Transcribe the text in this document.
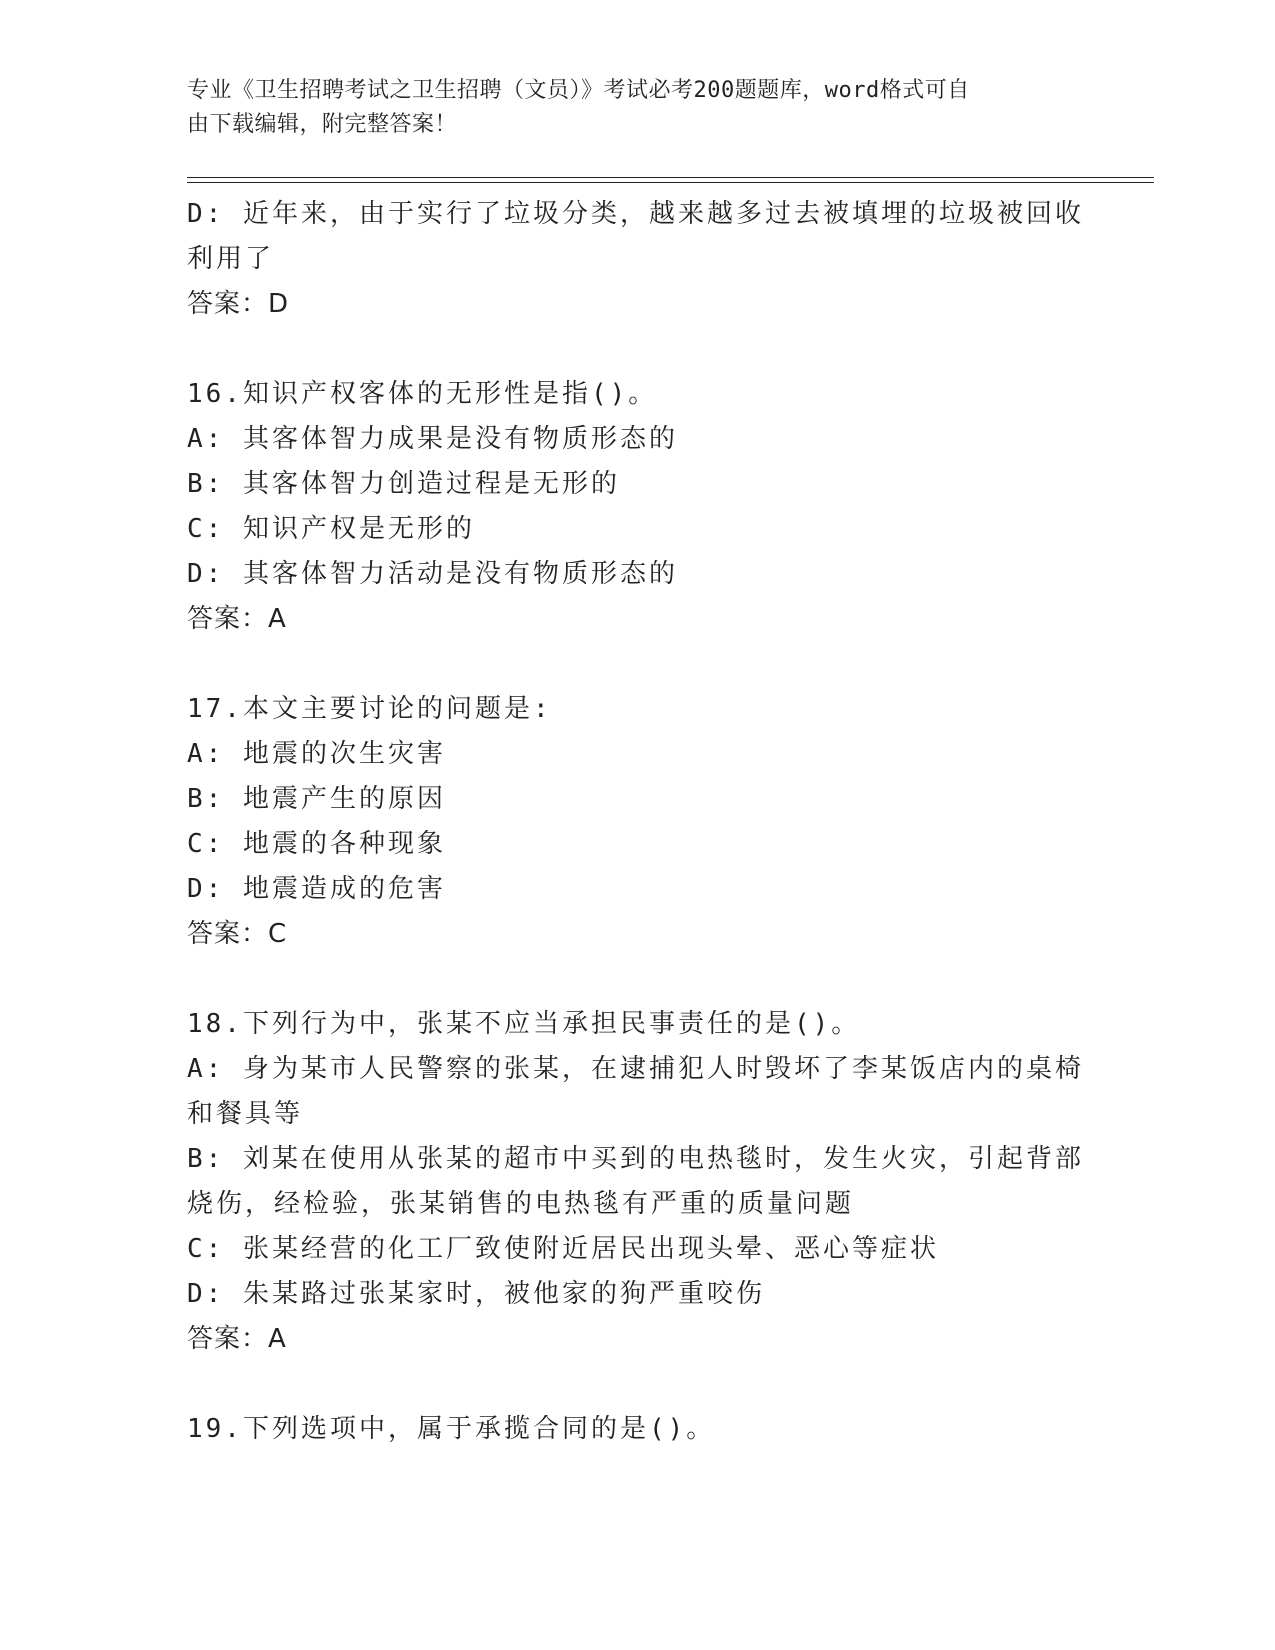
专业《卫生招聘考试之卫生招聘（文员）》考试必考200题题库，word格式可自
由下载编辑，附完整答案！

D: 近年来，由于实行了垃圾分类，越来越多过去被填埋的垃圾被回收

利用了

答案：D

16.知识产权客体的无形性是指()。

A: 其客体智力成果是没有物质形态的

B: 其客体智力创造过程是无形的

C: 知识产权是无形的

D: 其客体智力活动是没有物质形态的

答案：A

17.本文主要讨论的问题是:

A: 地震的次生灾害

B: 地震产生的原因

C: 地震的各种现象

D: 地震造成的危害

答案：C

18.下列行为中，张某不应当承担民事责任的是()。

A: 身为某市人民警察的张某，在逮捕犯人时毁坏了李某饭店内的桌椅

和餐具等

B: 刘某在使用从张某的超市中买到的电热毯时，发生火灾，引起背部

烧伤，经检验，张某销售的电热毯有严重的质量问题

C: 张某经营的化工厂致使附近居民出现头晕、恶心等症状

D: 朱某路过张某家时，被他家的狗严重咬伤

答案：A

19.下列选项中，属于承揽合同的是()。
